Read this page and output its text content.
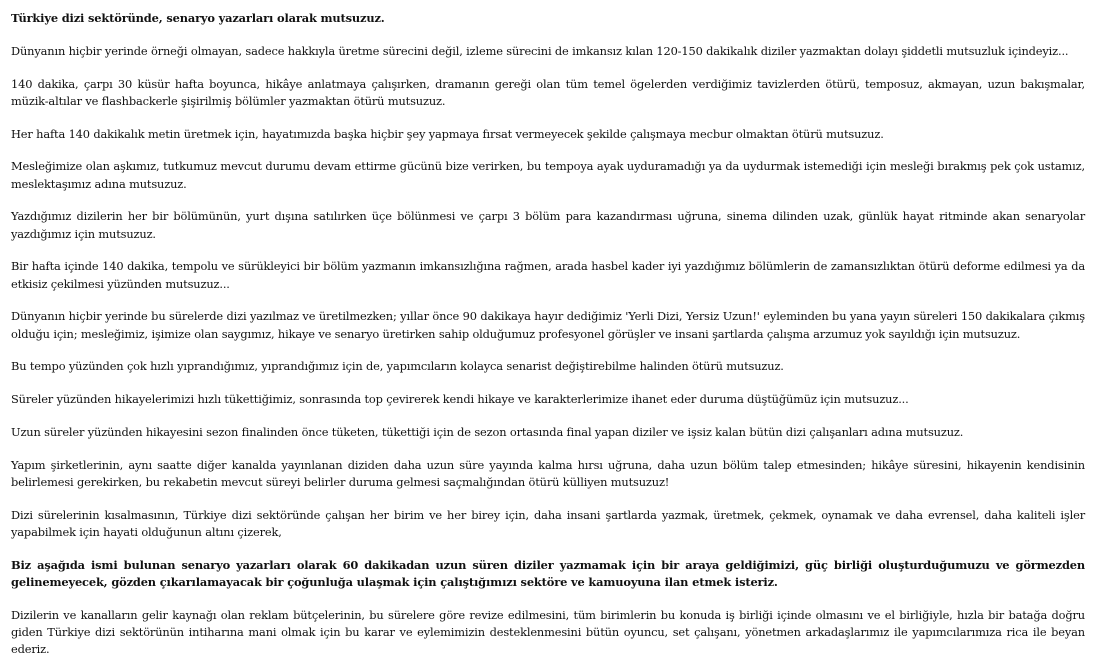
Türkiye dizi sektöründe, senaryo yazarları olarak mutsuzuz.

Dünyanın hiçbir yerinde örneği olmayan, sadece hakkıyla üretme sürecini değil, izleme sürecini de imkansız kılan 120-150 dakikalık diziler yazmaktan dolayı şiddetli mutsuzluk içindeyiz...

140 dakika, çarpı 30 küsür hafta boyunca, hikâye anlatmaya çalışırken, dramanın gereği olan tüm temel ögelerden verdiğimiz tavizlerden ötürü, temposuz, akmayan, uzun bakışmalar, müzik-altılar ve flashbackerle şişirilmiş bölümler yazmaktan ötürü mutsuzuz.

Her hafta 140 dakikalık metin üretmek için, hayatımızda başka hiçbir şey yapmaya fırsat vermeyecek şekilde çalışmaya mecbur olmaktan ötürü mutsuzuz.

Mesleğimize olan aşkımız, tutkumuz mevcut durumu devam ettirme gücünü bize verirken, bu tempoya ayak uyduramadığı ya da uydurmak istemediği için mesleği bırakmış pek çok ustamız, meslektaşımız adına mutsuzuz.

Yazdığımız dizilerin her bir bölümünün, yurt dışına satılırken üçe bölünmesi ve çarpı 3 bölüm para kazandırması uğruna, sinema dilinden uzak, günlük hayat ritminde akan senaryolar yazdığımız için mutsuzuz.

Bir hafta içinde 140 dakika, tempolu ve sürükleyici bir bölüm yazmanın imkansızlığına rağmen, arada hasbel kader iyi yazdığımız bölümlerin de zamansızlıktan ötürü deforme edilmesi ya da etkisiz çekilmesi yüzünden mutsuzuz...

Dünyanın hiçbir yerinde bu sürelerde dizi yazılmaz ve üretilmezken; yıllar önce 90 dakikaya hayır dediğimiz 'Yerli Dizi, Yersiz Uzun!' eyleminden bu yana yayın süreleri 150 dakikalara çıkmış olduğu için; mesleğimiz, işimize olan saygımız, hikaye ve senaryo üretirken sahip olduğumuz profesyonel görüşler ve insani şartlarda çalışma arzumuz yok sayıldığı için mutsuzuz.

Bu tempo yüzünden çok hızlı yıprandığımız, yıprandığımız için de, yapımcıların kolayca senarist değiştirebilme halinden ötürü mutsuzuz.

Süreler yüzünden hikayelerimizi hızlı tükettiğimiz, sonrasında top çevirerek kendi hikaye ve karakterlerimize ihanet eder duruma düştüğümüz için mutsuzuz...

Uzun süreler yüzünden hikayesini sezon finalinden önce tüketen, tükettiği için de sezon ortasında final yapan diziler ve işsiz kalan bütün dizi çalışanları adına mutsuzuz.

Yapım şirketlerinin, aynı saatte diğer kanalda yayınlanan diziden daha uzun süre yayında kalma hırsı uğruna, daha uzun bölüm talep etmesinden; hikâye süresini, hikayenin kendisinin belirlemesi gerekirken, bu rekabetin mevcut süreyi belirler duruma gelmesi saçmalığından ötürü külliyen mutsuzuz!

Dizi sürelerinin kısalmasının, Türkiye dizi sektöründe çalışan her birim ve her birey için, daha insani şartlarda yazmak, üretmek, çekmek, oynamak ve daha evrensel, daha kaliteli işler yapabilmek için hayati olduğunun altını çizerek,

Biz aşağıda ismi bulunan senaryo yazarları olarak 60 dakikadan uzun süren diziler yazmamak için bir araya geldiğimizi, güç birliği oluşturduğumuzu ve görmezden gelinemeyecek, gözden çıkarılamayacak bir çoğunluğa ulaşmak için çalıştığımızı sektöre ve kamuoyuna ilan etmek isteriz.

Dizilerin ve kanalların gelir kaynağı olan reklam bütçelerinin, bu sürelere göre revize edilmesini, tüm birimlerin bu konuda iş birliği içinde olmasını ve el birliğiyle, hızla bir batağa doğru giden Türkiye dizi sektörünün intiharına mani olmak için bu karar ve eylemimizin desteklenmesini bütün oyuncu, set çalışanı, yönetmen arkadaşlarımız ile yapımcılarımıza rica ile beyan ederiz.
